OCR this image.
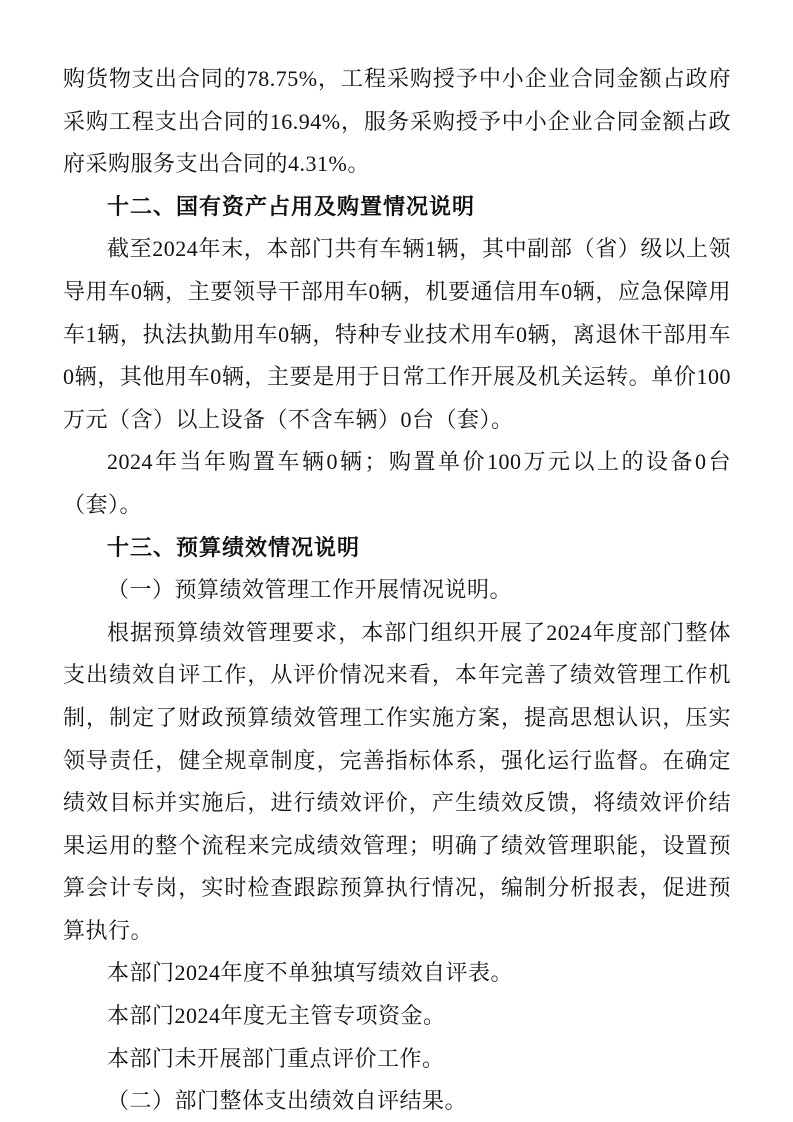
购货物支出合同的78.75%，工程采购授予中小企业合同金额占政府采购工程支出合同的16.94%，服务采购授予中小企业合同金额占政府采购服务支出合同的4.31%。

十二、国有资产占用及购置情况说明

截至2024年末，本部门共有车辆1辆，其中副部（省）级以上领导用车0辆，主要领导干部用车0辆，机要通信用车0辆，应急保障用车1辆，执法执勤用车0辆，特种专业技术用车0辆，离退休干部用车0辆，其他用车0辆，主要是用于日常工作开展及机关运转。单价100万元（含）以上设备（不含车辆）0台（套）。

2024年当年购置车辆0辆；购置单价100万元以上的设备0台（套）。

十三、预算绩效情况说明

（一）预算绩效管理工作开展情况说明。

根据预算绩效管理要求，本部门组织开展了2024年度部门整体支出绩效自评工作，从评价情况来看，本年完善了绩效管理工作机制，制定了财政预算绩效管理工作实施方案，提高思想认识，压实领导责任，健全规章制度，完善指标体系，强化运行监督。在确定绩效目标并实施后，进行绩效评价，产生绩效反馈，将绩效评价结果运用的整个流程来完成绩效管理；明确了绩效管理职能，设置预算会计专岗，实时检查跟踪预算执行情况，编制分析报表，促进预算执行。

本部门2024年度不单独填写绩效自评表。

本部门2024年度无主管专项资金。

本部门未开展部门重点评价工作。

（二）部门整体支出绩效自评结果。
